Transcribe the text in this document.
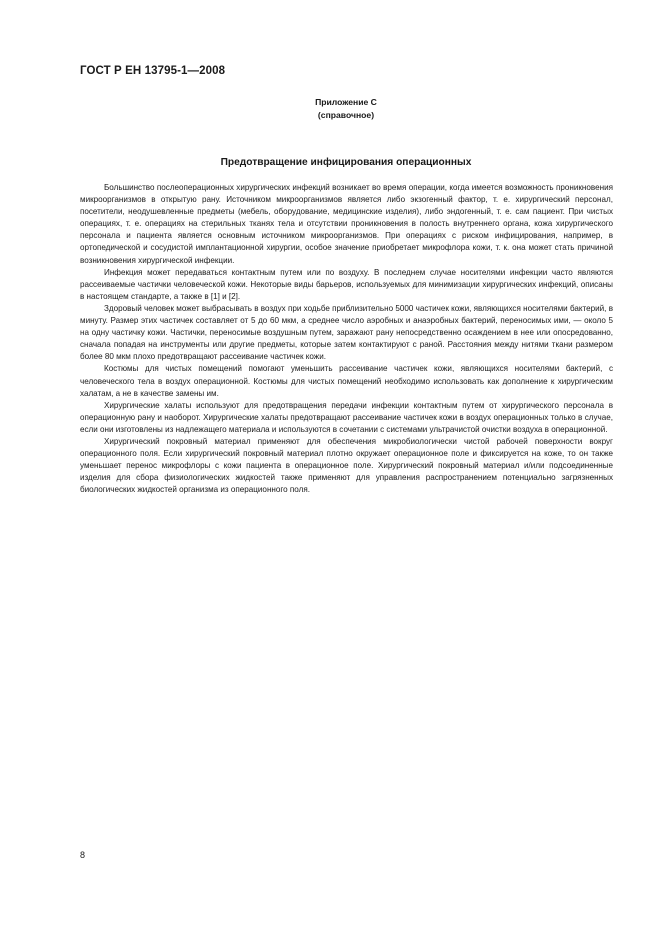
ГОСТ Р ЕН 13795-1—2008
Приложение С
(справочное)
Предотвращение инфицирования операционных

Большинство послеоперационных хирургических инфекций возникает во время операции, когда имеется возможность проникновения микроорганизмов в открытую рану. Источником микроорганизмов является либо экзогенный фактор, т. е. хирургический персонал, посетители, неодушевленные предметы (мебель, оборудование, медицинские изделия), либо эндогенный, т. е. сам пациент. При чистых операциях, т. е. операциях на стерильных тканях тела и отсутствии проникновения в полость внутреннего органа, кожа хирургического персонала и пациента является основным источником микроорганизмов. При операциях с риском инфицирования, например, в ортопедической и сосудистой имплантационной хирургии, особое значение приобретает микрофлора кожи, т. к. она может стать причиной возникновения хирургической инфекции.

Инфекция может передаваться контактным путем или по воздуху. В последнем случае носителями инфекции часто являются рассеиваемые частички человеческой кожи. Некоторые виды барьеров, используемых для минимизации хирургических инфекций, описаны в настоящем стандарте, а также в [1] и [2].

Здоровый человек может выбрасывать в воздух при ходьбе приблизительно 5000 частичек кожи, являющихся носителями бактерий, в минуту. Размер этих частичек составляет от 5 до 60 мкм, а среднее число аэробных и анаэробных бактерий, переносимых ими, — около 5 на одну частичку кожи. Частички, переносимые воздушным путем, заражают рану непосредственно осаждением в нее или опосредованно, сначала попадая на инструменты или другие предметы, которые затем контактируют с раной. Расстояния между нитями ткани размером более 80 мкм плохо предотвращают рассеивание частичек кожи.

Костюмы для чистых помещений помогают уменьшить рассеивание частичек кожи, являющихся носителями бактерий, с человеческого тела в воздух операционной. Костюмы для чистых помещений необходимо использовать как дополнение к хирургическим халатам, а не в качестве замены им.

Хирургические халаты используют для предотвращения передачи инфекции контактным путем от хирургического персонала в операционную рану и наоборот. Хирургические халаты предотвращают рассеивание частичек кожи в воздух операционных только в случае, если они изготовлены из надлежащего материала и используются в сочетании с системами ультрачистой очистки воздуха в операционной.

Хирургический покровный материал применяют для обеспечения микробиологически чистой рабочей поверхности вокруг операционного поля. Если хирургический покровный материал плотно окружает операционное поле и фиксируется на коже, то он также уменьшает перенос микрофлоры с кожи пациента в операционное поле. Хирургический покровный материал и/или подсоединенные изделия для сбора физиологических жидкостей также применяют для управления распространением потенциально загрязненных биологических жидкостей организма из операционного поля.

8
